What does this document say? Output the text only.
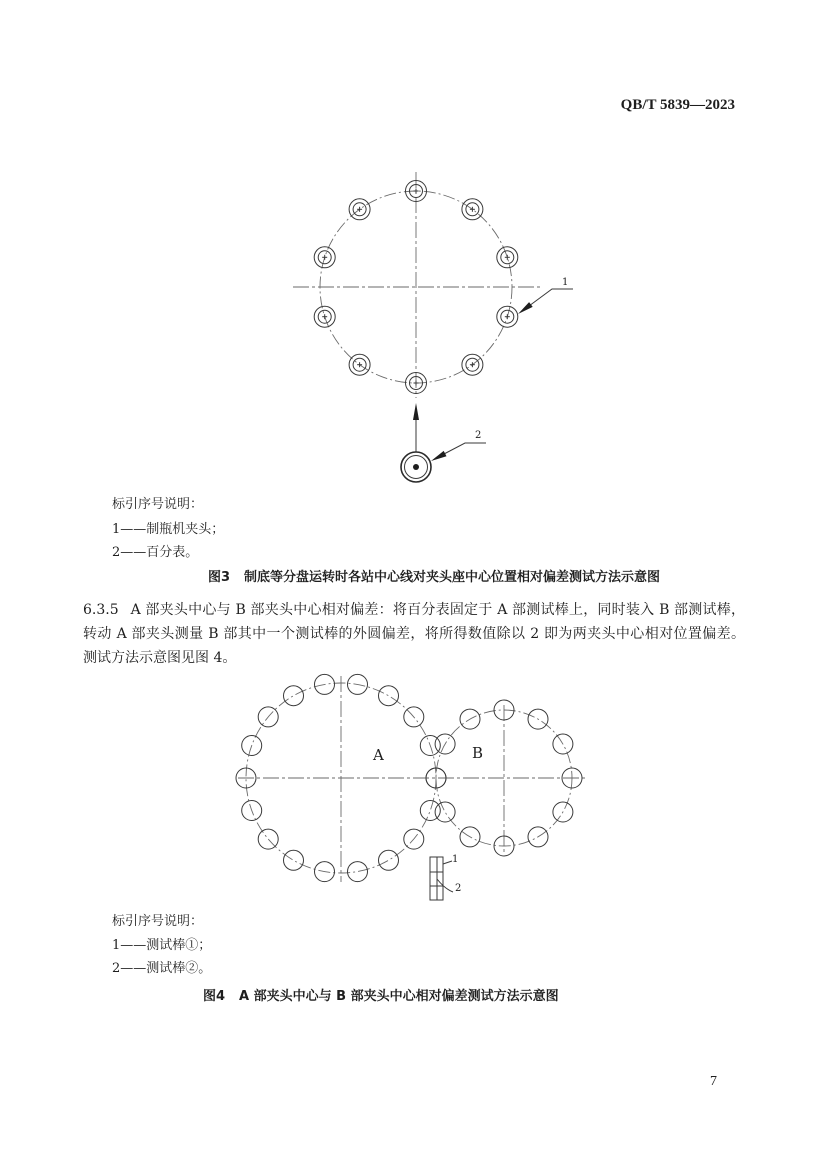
QB/T 5839—2023
1
2
标引序号说明：
1——制瓶机夹头；
2——百分表。
图3 制底等分盘运转时各站中心线对夹头座中心位置相对偏差测试方法示意图
6.3.5 A 部夹头中心与 B 部夹头中心相对偏差：将百分表固定于 A 部测试棒上，同时装入 B 部测试棒，
转动 A 部夹头测量 B 部其中一个测试棒的外圆偏差，将所得数值除以 2 即为两夹头中心相对位置偏差。
测试方法示意图见图 4。
A	B
1
2
标引序号说明：
1——测试棒①；
2——测试棒②。
图4 A 部夹头中心与 B 部夹头中心相对偏差测试方法示意图
7
